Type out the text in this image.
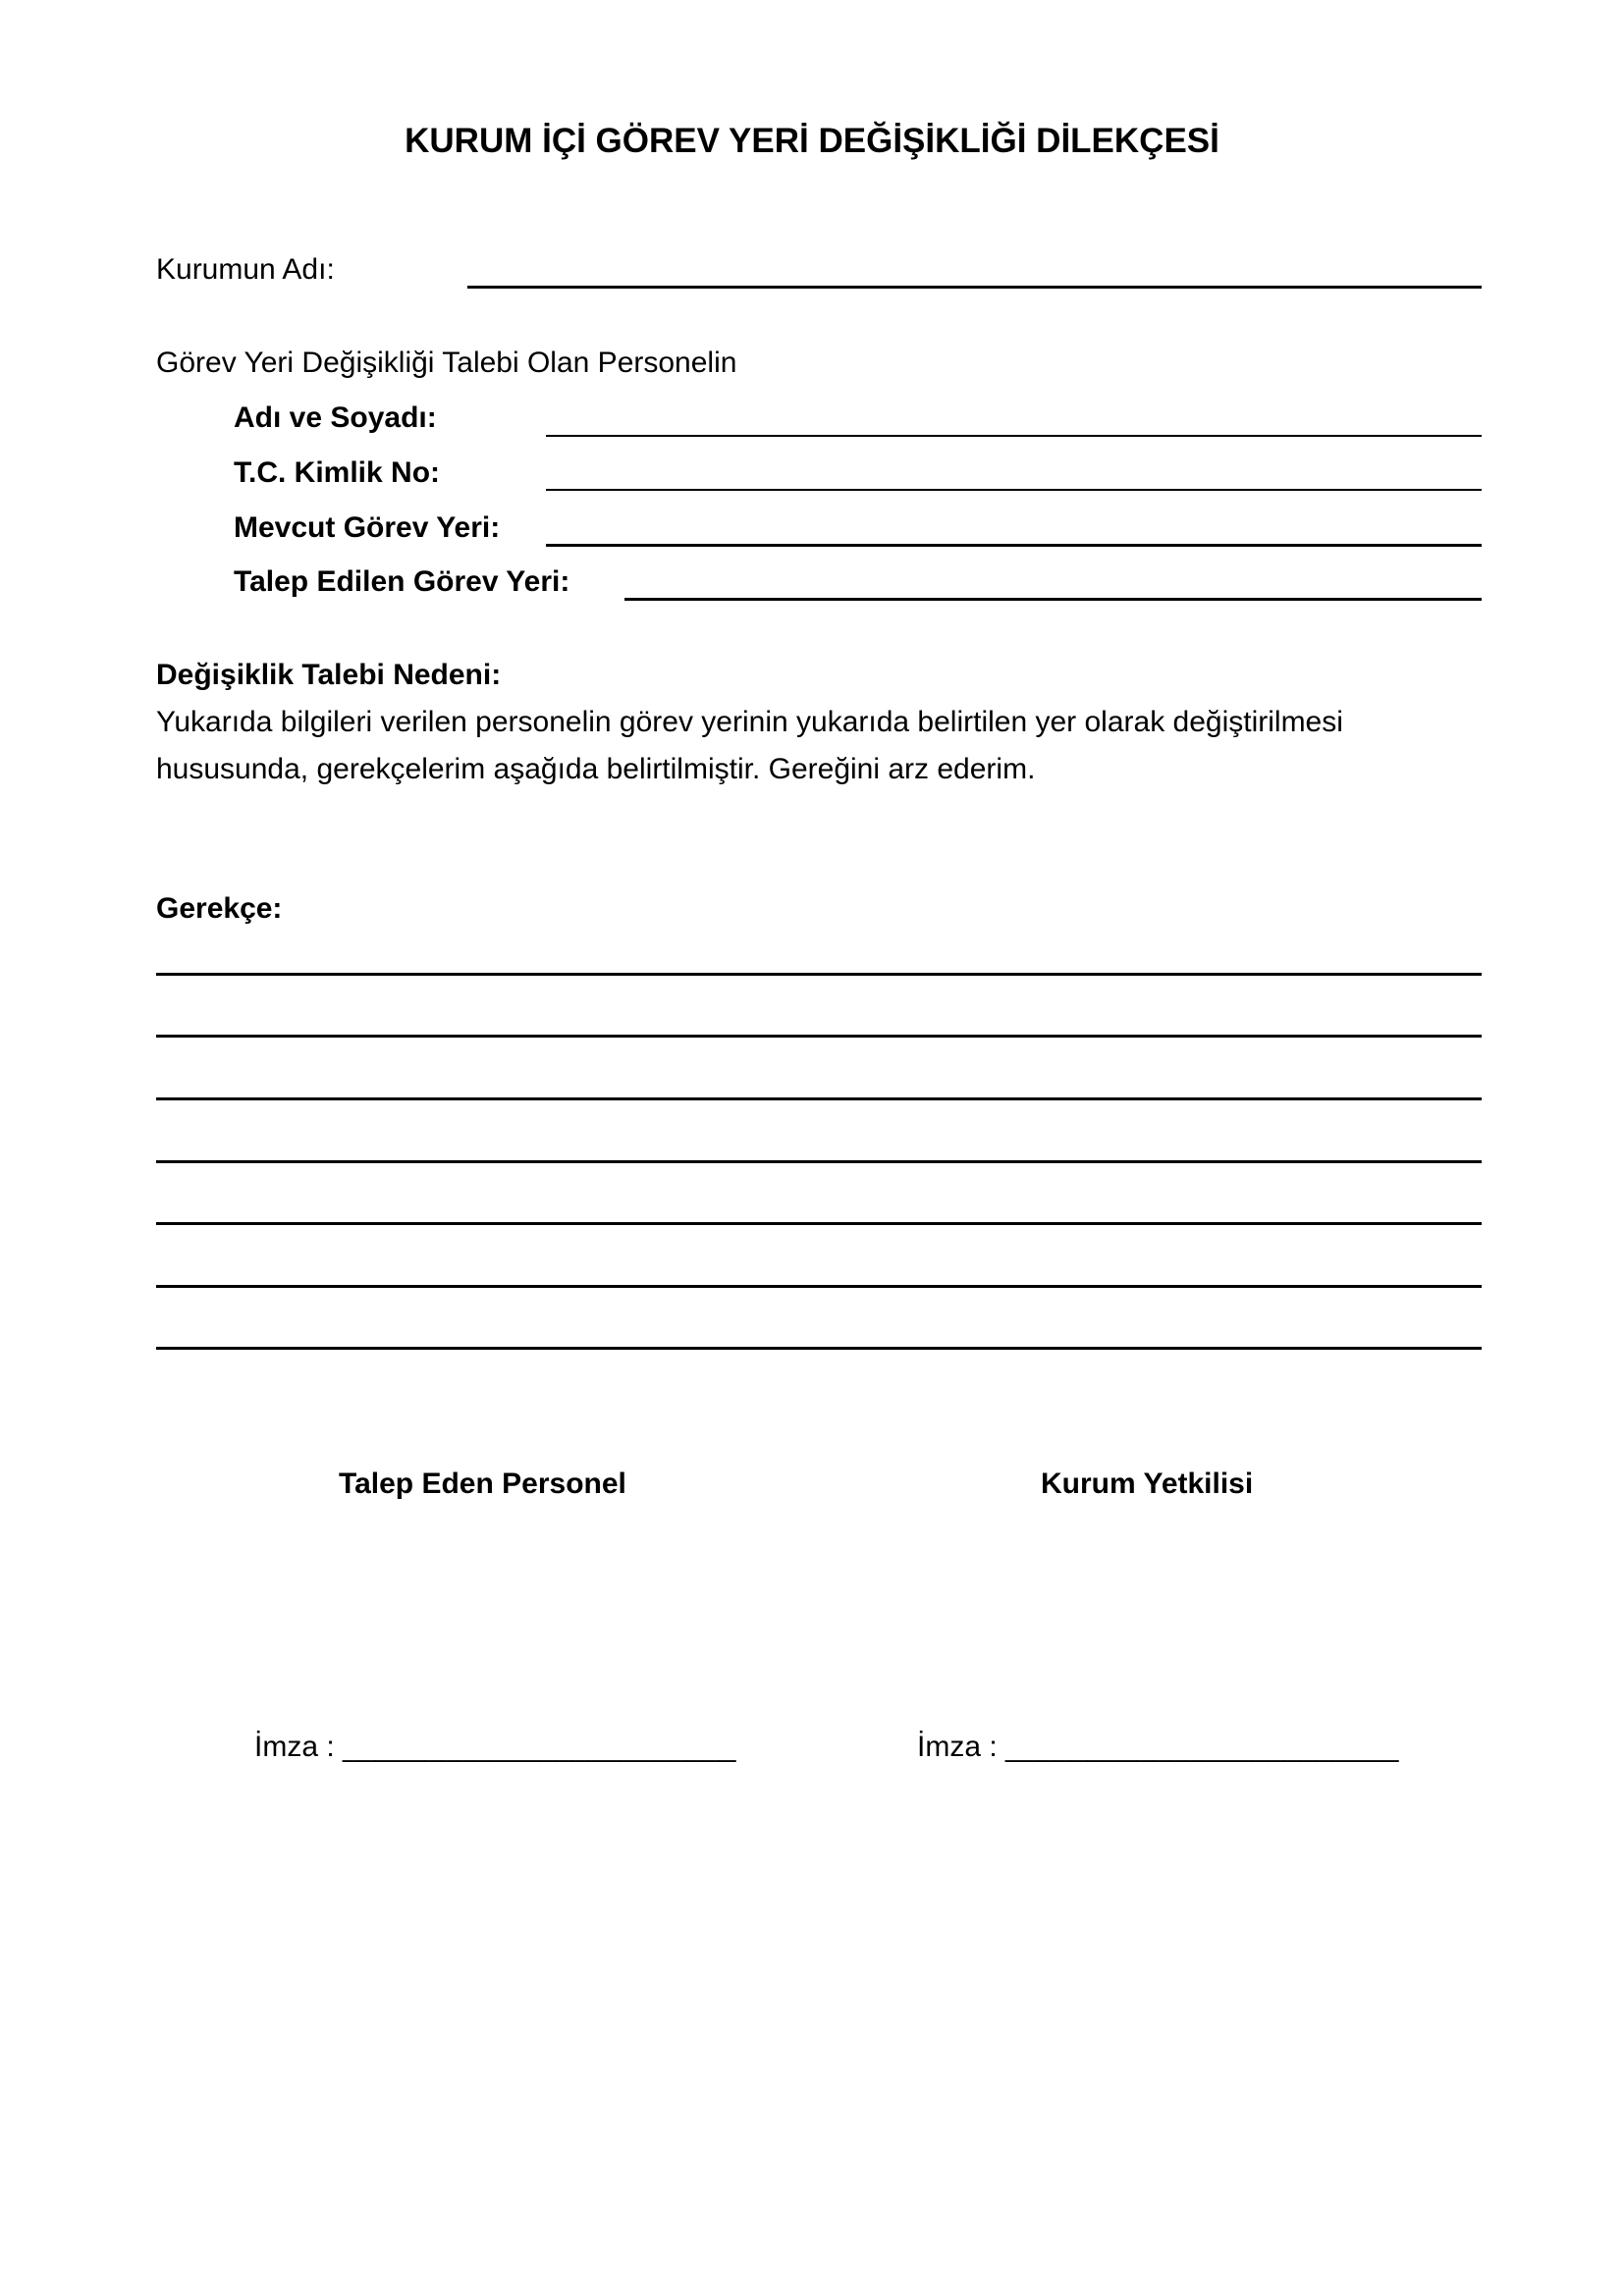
KURUM İÇİ GÖREV YERİ DEĞİŞİKLİĞİ DİLEKÇESİ
Kurumun Adı:
Görev Yeri Değişikliği Talebi Olan Personelin
Adı ve Soyadı:
T.C. Kimlik No:
Mevcut Görev Yeri:
Talep Edilen Görev Yeri:
Değişiklik Talebi Nedeni:
Yukarıda bilgileri verilen personelin görev yerinin yukarıda belirtilen yer olarak değiştirilmesi
hususunda, gerekçelerim aşağıda belirtilmiştir. Gereğini arz ederim.
Gerekçe:
Talep Eden Personel	Kurum Yetkilisi
İmza : ________________________	İmza : ________________________
